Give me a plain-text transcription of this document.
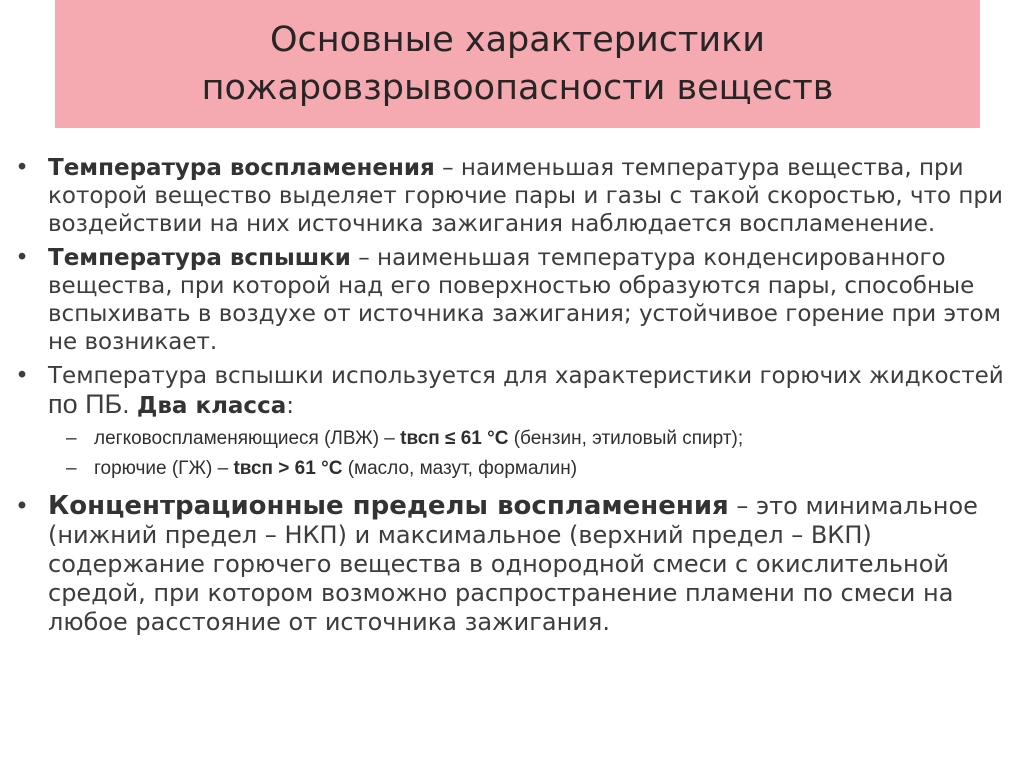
Основные характеристики
пожаровзрывоопасности веществ
• Температура воспламенения – наименьшая температура вещества, при которой вещество выделяет горючие пары и газы с такой скоростью, что при воздействии на них источника зажигания наблюдается воспламенение.
• Температура вспышки – наименьшая температура конденсированного вещества, при которой над его поверхностью образуются пары, способные вспыхивать в воздухе от источника зажигания; устойчивое горение при этом не возникает.
• Температура вспышки используется для характеристики горючих жидкостей по ПБ. Два класса:
– легковоспламеняющиеся (ЛВЖ) – tвсп ≤ 61 °С (бензин, этиловый спирт);
– горючие (ГЖ) – tвсп > 61 °С (масло, мазут, формалин)
• Концентрационные пределы воспламенения – это минимальное (нижний предел – НКП) и максимальное (верхний предел – ВКП) содержание горючего вещества в однородной смеси с окислительной средой, при котором возможно распространение пламени по смеси на любое расстояние от источника зажигания.
